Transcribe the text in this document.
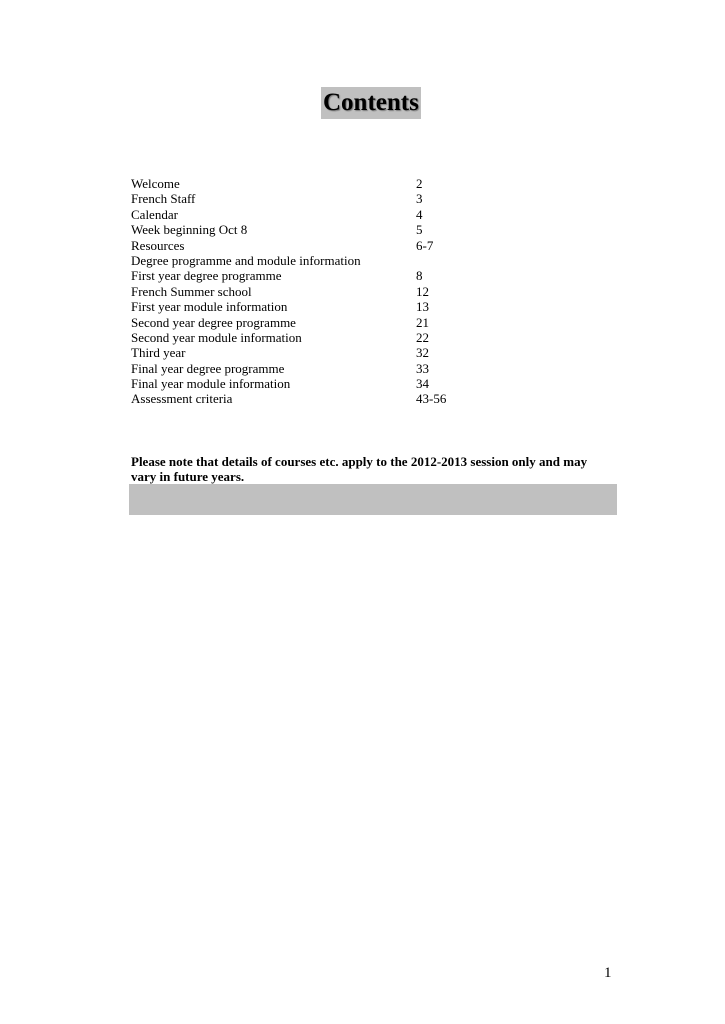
Contents
Welcome	2
French Staff	3
Calendar	4
Week beginning Oct 8	5
Resources	6-7
Degree programme and module information
First year degree programme	8
French Summer school	12
First year module information	13
Second year degree programme	21
Second year module information	22
Third year	32
Final year degree programme	33
Final year module information	34
Assessment criteria	43-56
Please note that details of courses etc. apply to the 2012-2013 session only and may vary in future years.
1
